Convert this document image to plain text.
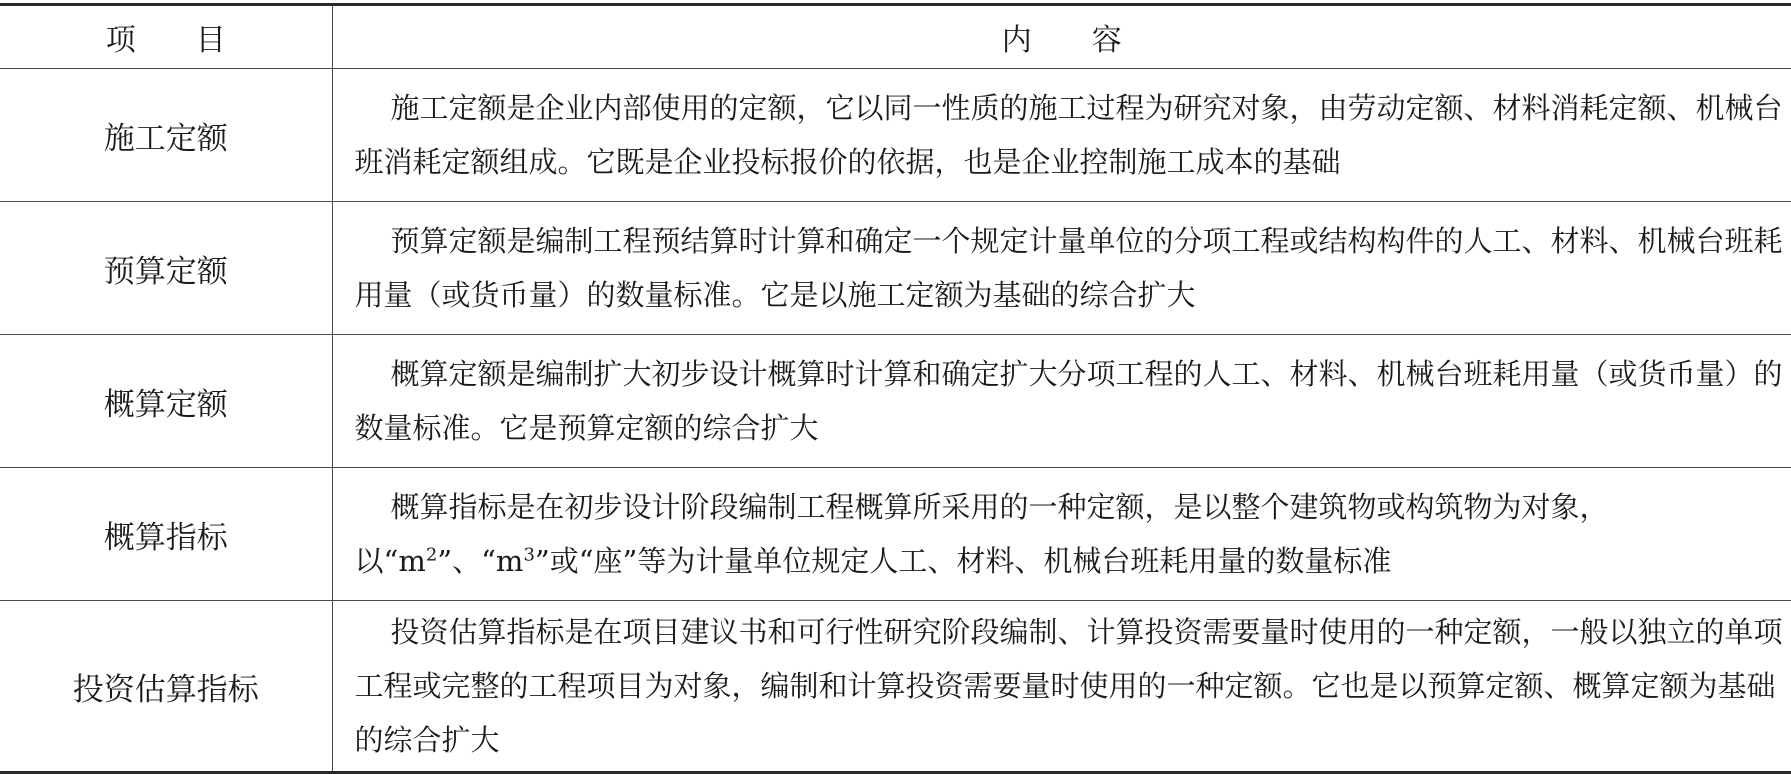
项　　目	内　　容
施工定额	施工定额是企业内部使用的定额，它以同一性质的施工过程为研究对象，由劳动定额、材料消耗定额、机械台班消耗定额组成。它既是企业投标报价的依据，也是企业控制施工成本的基础
预算定额	预算定额是编制工程预结算时计算和确定一个规定计量单位的分项工程或结构构件的人工、材料、机械台班耗用量（或货币量）的数量标准。它是以施工定额为基础的综合扩大
概算定额	概算定额是编制扩大初步设计概算时计算和确定扩大分项工程的人工、材料、机械台班耗用量（或货币量）的数量标准。它是预算定额的综合扩大
概算指标	概算指标是在初步设计阶段编制工程概算所采用的一种定额，是以整个建筑物或构筑物为对象，以“$m^2$”、“$m^3$”或“座”等为计量单位规定人工、材料、机械台班耗用量的数量标准
投资估算指标	投资估算指标是在项目建议书和可行性研究阶段编制、计算投资需要量时使用的一种定额，一般以独立的单项工程或完整的工程项目为对象，编制和计算投资需要量时使用的一种定额。它也是以预算定额、概算定额为基础的综合扩大
